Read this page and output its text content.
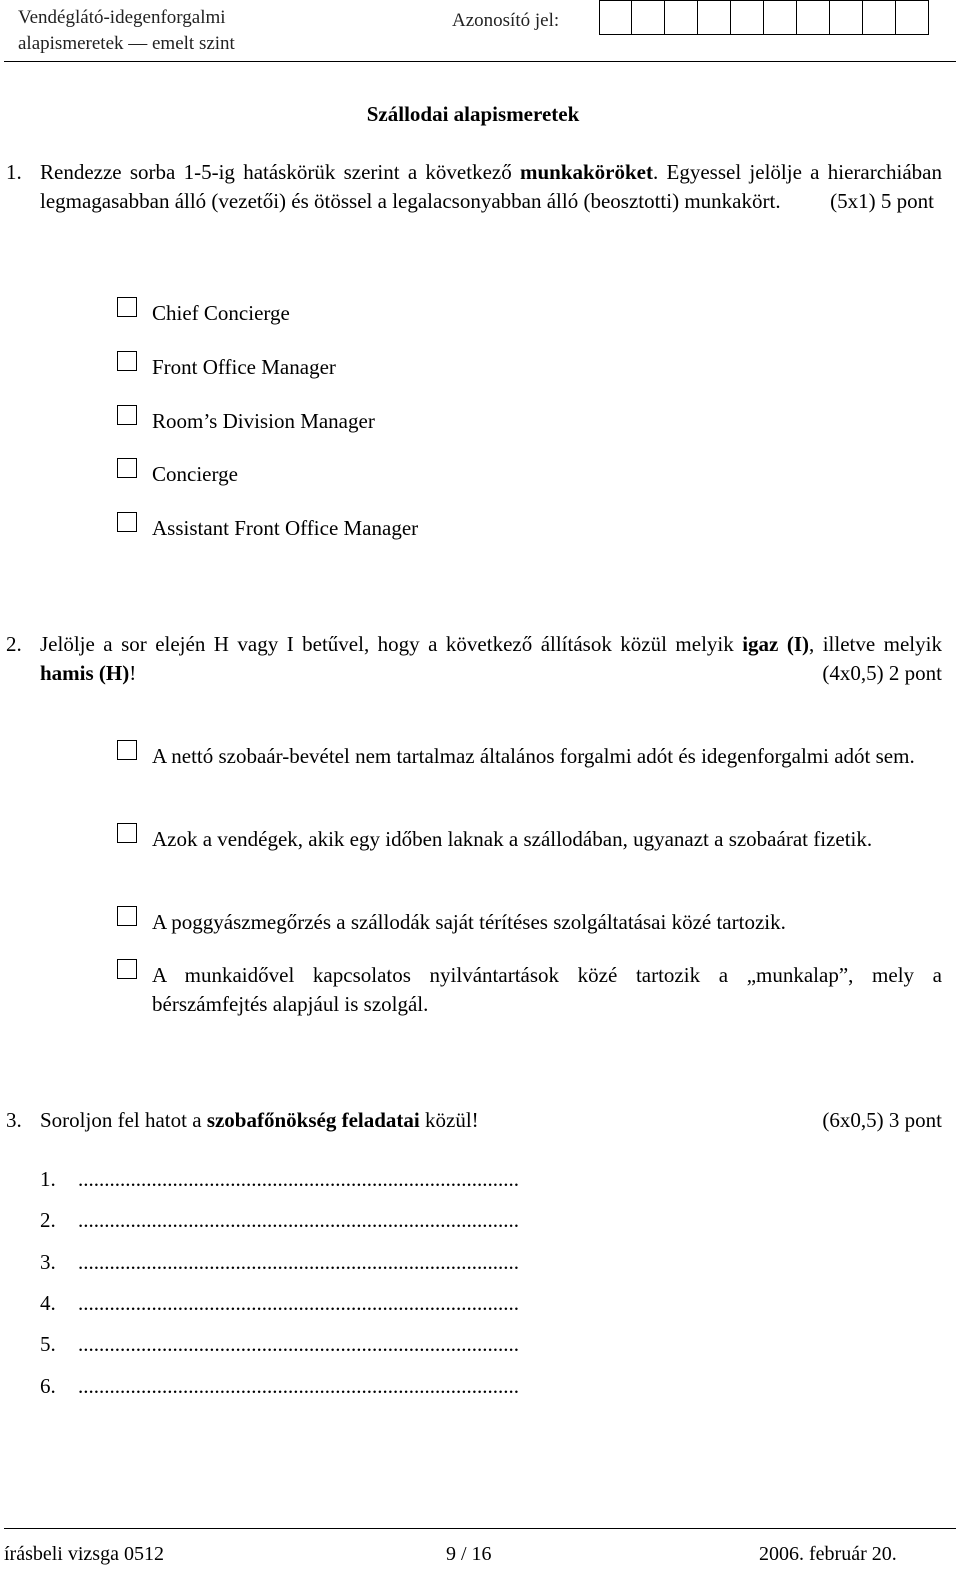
Vendéglátó-idegenforgalmi
alapismeretek — emelt szint
Azonosító jel:
Szállodai alapismeretek
1. Rendezze sorba 1-5-ig hatáskörük szerint a következő munkaköröket. Egyessel jelölje a hierarchiában legmagasabban álló (vezetői) és ötössel a legalacsonyabban álló (beosztotti) munkakört. (5x1) 5 pont
Chief Concierge
Front Office Manager
Room’s Division Manager
Concierge
Assistant Front Office Manager
2. Jelölje a sor elején H vagy I betűvel, hogy a következő állítások közül melyik igaz (I), illetve melyik hamis (H)!	(4x0,5) 2 pont
A nettó szobaár-bevétel nem tartalmaz általános forgalmi adót és idegenforgalmi adót sem.
Azok a vendégek, akik egy időben laknak a szállodában, ugyanazt a szobaárat fizetik.
A poggyászmegőrzés a szállodák saját térítéses szolgáltatásai közé tartozik.
A munkaidővel kapcsolatos nyilvántartások közé tartozik a „munkalap”, mely a bérszámfejtés alapjául is szolgál.
3. Soroljon fel hatot a szobafőnökség feladatai közül!	(6x0,5) 3 pont
1. ....................................................................................
2. ....................................................................................
3. ....................................................................................
4. ....................................................................................
5. ....................................................................................
6. ....................................................................................
írásbeli vizsga 0512	9 / 16	2006. február 20.
